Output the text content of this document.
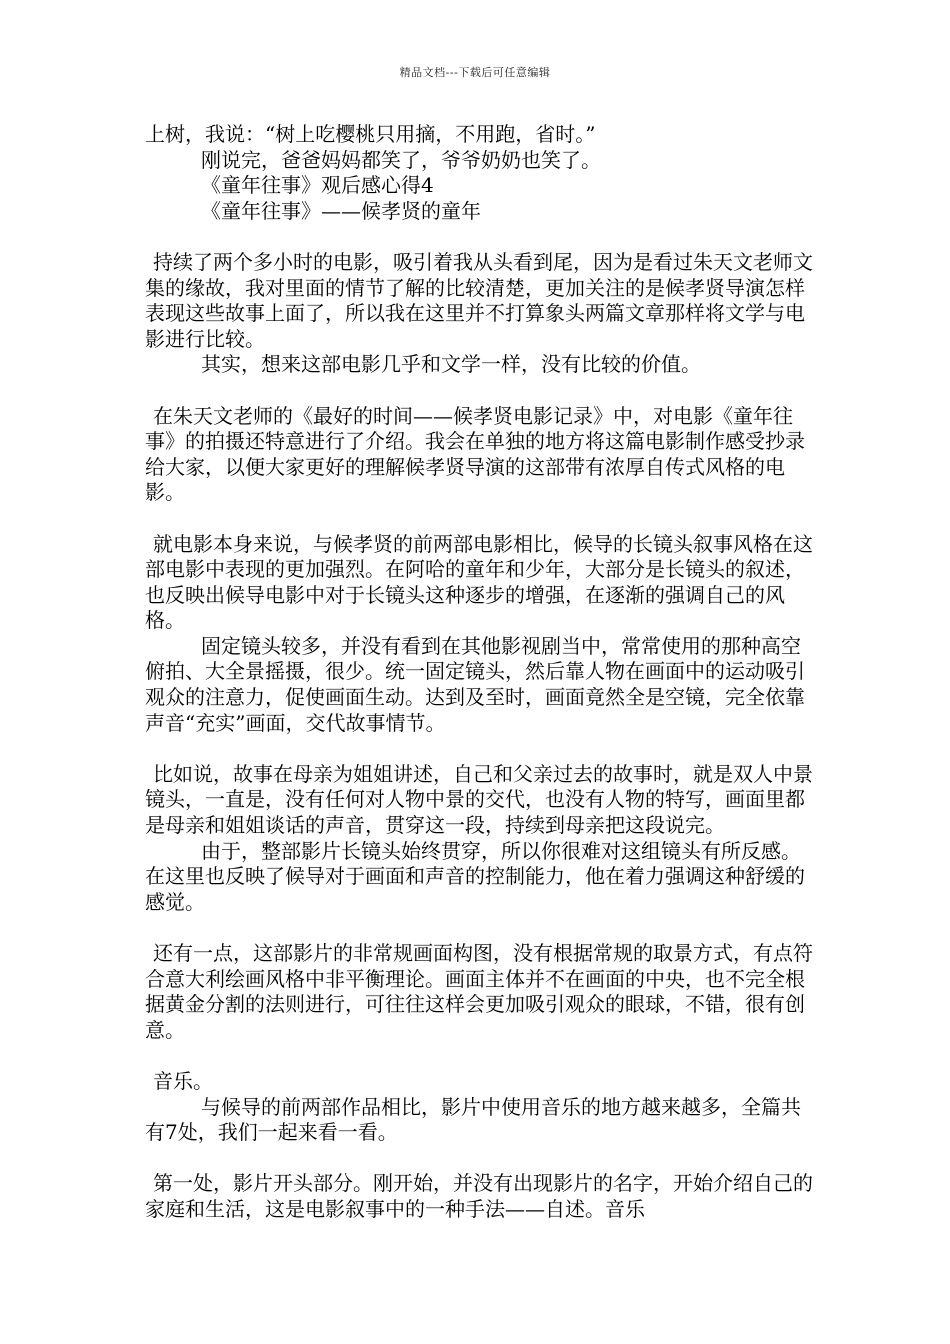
精品文档---下载后可任意编辑

上树，我说：“树上吃樱桃只用摘，不用跑，省时。”

刚说完，爸爸妈妈都笑了，爷爷奶奶也笑了。

《童年往事》观后感心得4

《童年往事》——候孝贤的童年

持续了两个多小时的电影，吸引着我从头看到尾，因为是看过朱天文老师文集的缘故，我对里面的情节了解的比较清楚，更加关注的是候孝贤导演怎样表现这些故事上面了，所以我在这里并不打算象头两篇文章那样将文学与电影进行比较。

其实，想来这部电影几乎和文学一样，没有比较的价值。

在朱天文老师的《最好的时间——候孝贤电影记录》中，对电影《童年往事》的拍摄还特意进行了介绍。我会在单独的地方将这篇电影制作感受抄录给大家，以便大家更好的理解候孝贤导演的这部带有浓厚自传式风格的电影。

就电影本身来说，与候孝贤的前两部电影相比，候导的长镜头叙事风格在这部电影中表现的更加强烈。在阿哈的童年和少年，大部分是长镜头的叙述，也反映出候导电影中对于长镜头这种逐步的增强，在逐渐的强调自己的风格。

固定镜头较多，并没有看到在其他影视剧当中，常常使用的那种高空俯拍、大全景摇摄，很少。统一固定镜头，然后靠人物在画面中的运动吸引观众的注意力，促使画面生动。达到及至时，画面竟然全是空镜，完全依靠声音“充实”画面，交代故事情节。

比如说，故事在母亲为姐姐讲述，自己和父亲过去的故事时，就是双人中景镜头，一直是，没有任何对人物中景的交代，也没有人物的特写，画面里都是母亲和姐姐谈话的声音，贯穿这一段，持续到母亲把这段说完。

由于，整部影片长镜头始终贯穿，所以你很难对这组镜头有所反感。在这里也反映了候导对于画面和声音的控制能力，他在着力强调这种舒缓的感觉。

还有一点，这部影片的非常规画面构图，没有根据常规的取景方式，有点符合意大利绘画风格中非平衡理论。画面主体并不在画面的中央，也不完全根据黄金分割的法则进行，可往往这样会更加吸引观众的眼球，不错，很有创意。

音乐。

与候导的前两部作品相比，影片中使用音乐的地方越来越多，全篇共有7处，我们一起来看一看。

第一处，影片开头部分。刚开始，并没有出现影片的名字，开始介绍自己的家庭和生活，这是电影叙事中的一种手法——自述。音乐
